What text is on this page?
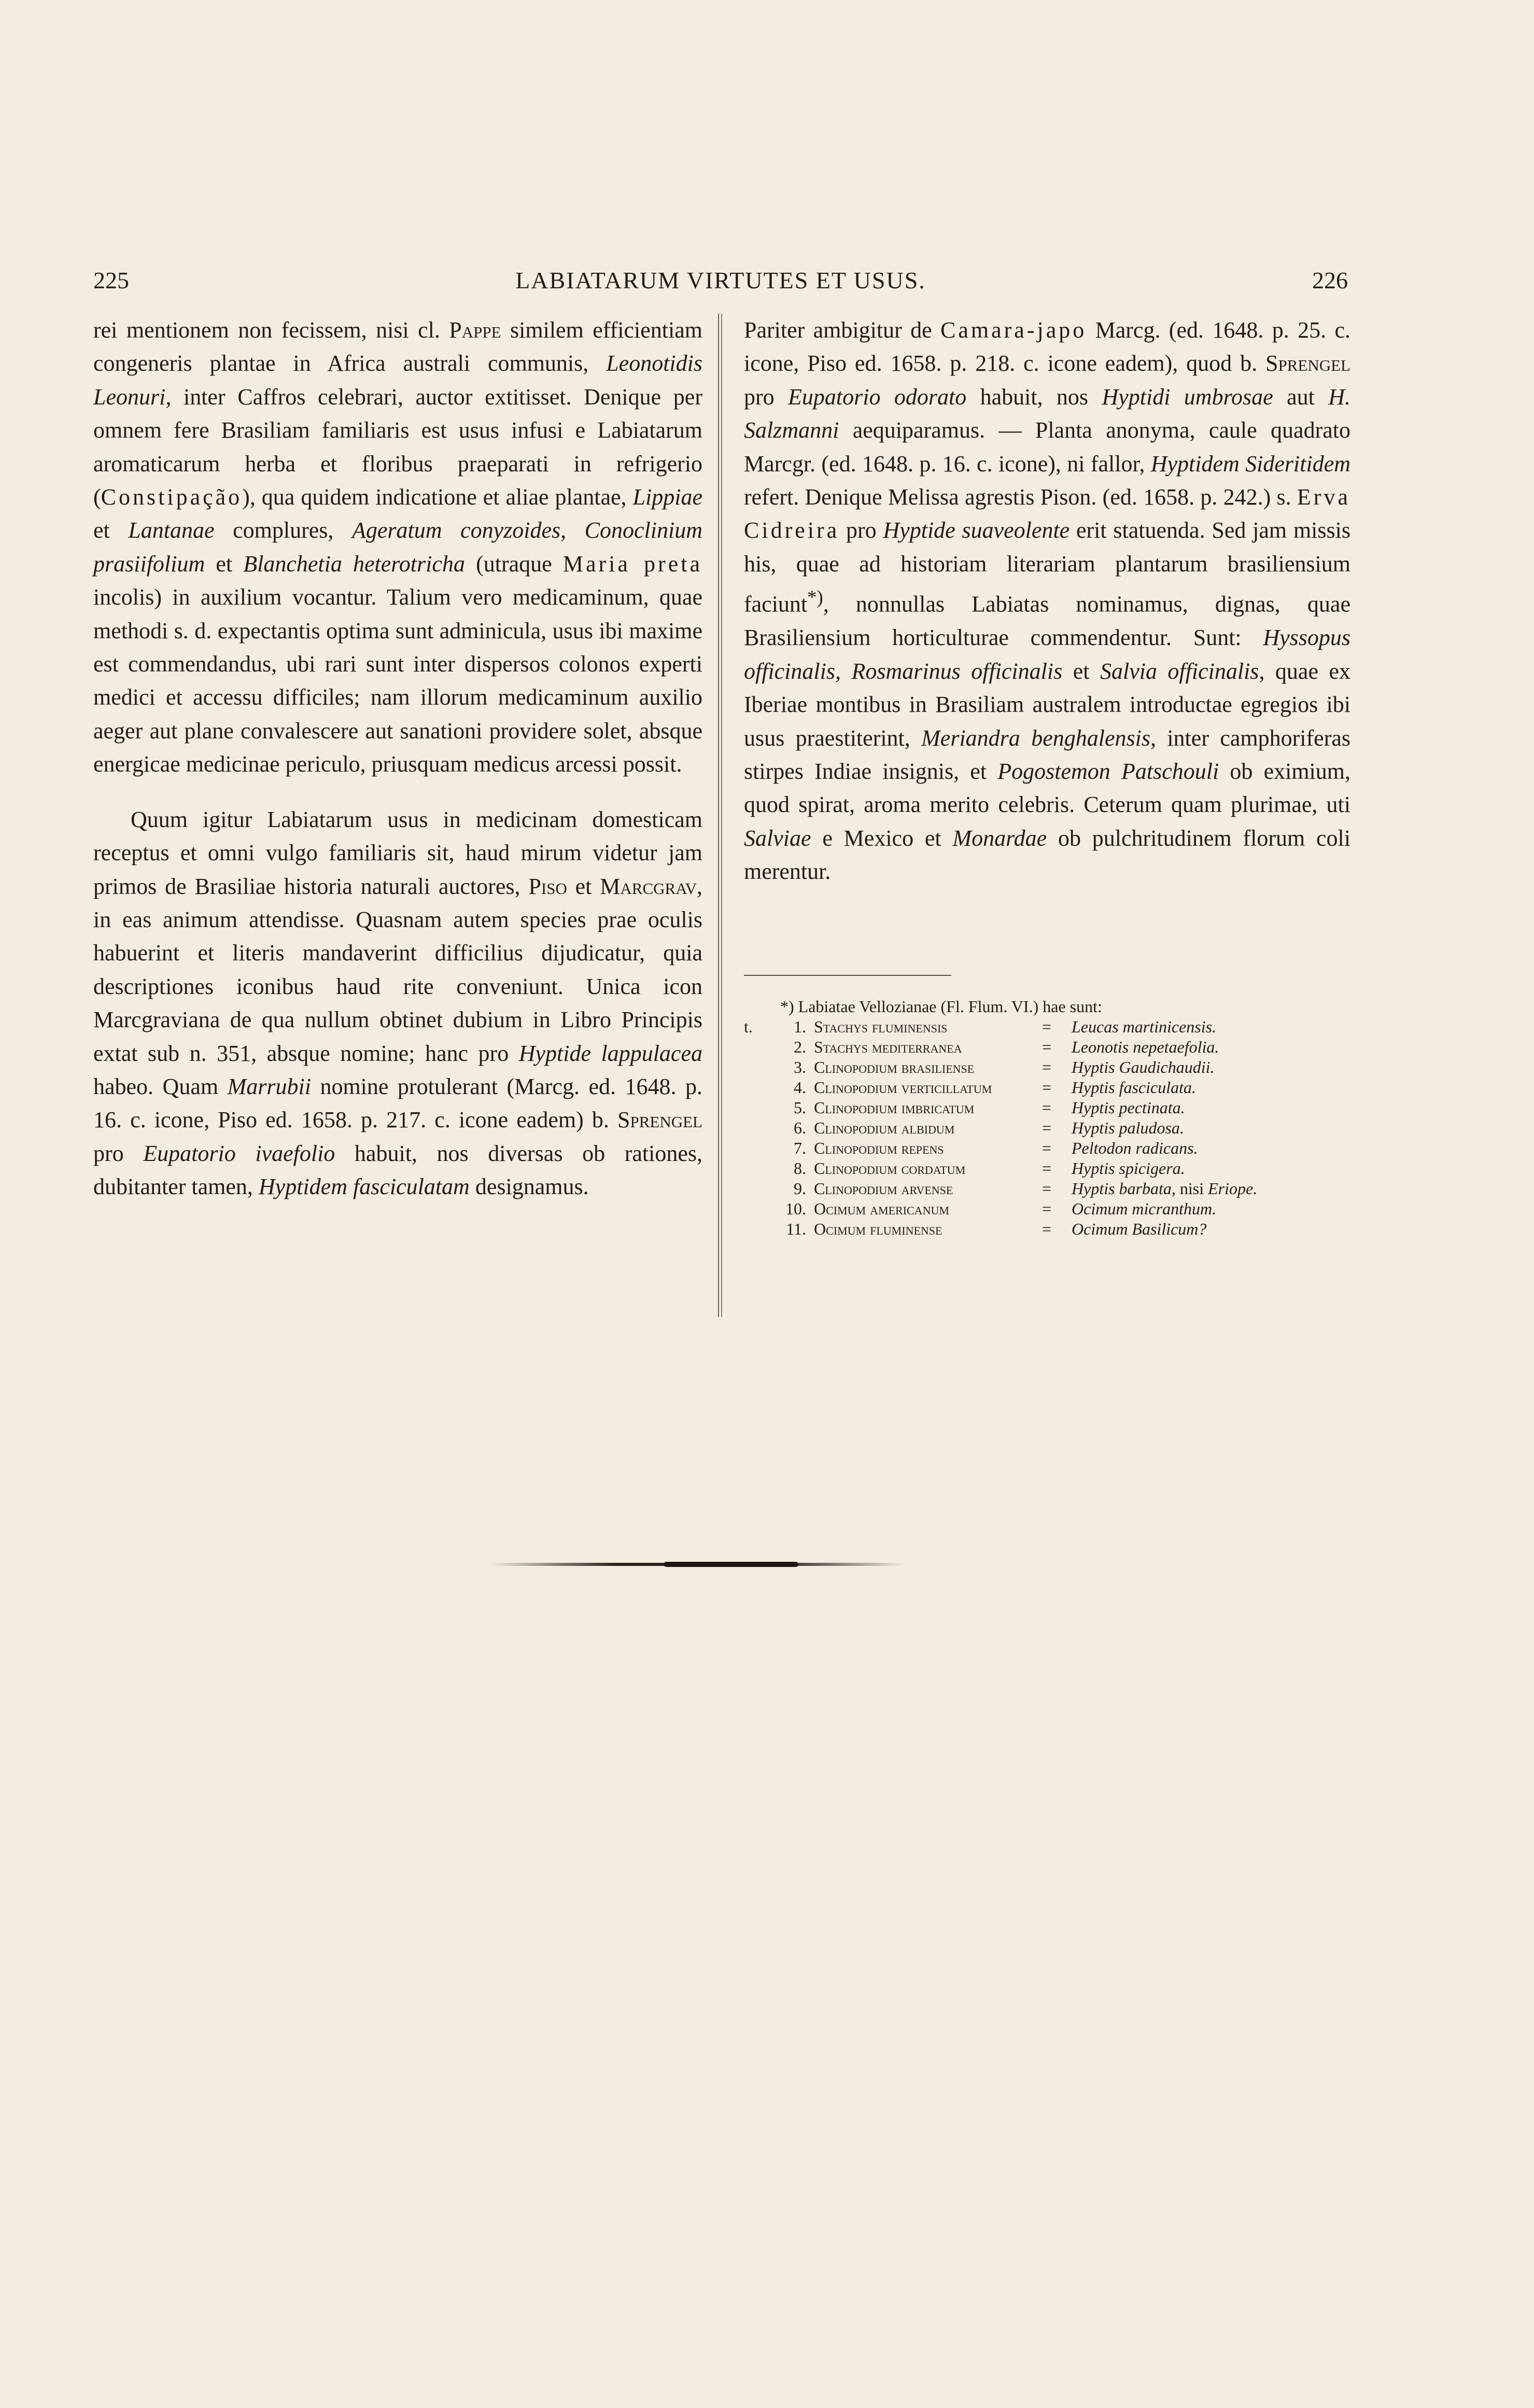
225	LABIATARUM VIRTUTES ET USUS.	226

rei mentionem non fecissem, nisi cl. Pappe similem efficientiam congeneris plantae in Africa australi communis, Leonotidis Leonuri, inter Caffros celebrari, auctor extitisset. Denique per omnem fere Brasiliam familiaris est usus infusi e Labiatarum aromaticarum herba et floribus praeparati in refrigerio (Constipação), qua quidem indicatione et aliae plantae, Lippiae et Lantanae complures, Ageratum conyzoides, Conoclinium prasiifolium et Blanchetia heterotricha (utraque Maria preta incolis) in auxilium vocantur. Talium vero medicaminum, quae methodi s. d. expectantis optima sunt adminicula, usus ibi maxime est commendandus, ubi rari sunt inter dispersos colonos experti medici et accessu difficiles; nam illorum medicaminum auxilio aeger aut plane convalescere aut sanationi providere solet, absque energicae medicinae periculo, priusquam medicus arcessi possit.

Quum igitur Labiatarum usus in medicinam domesticam receptus et omni vulgo familiaris sit, haud mirum videtur jam primos de Brasiliae historia naturali auctores, Piso et Marcgrav, in eas animum attendisse. Quasnam autem species prae oculis habuerint et literis mandaverint difficilius dijudicatur, quia descriptiones iconibus haud rite conveniunt. Unica icon Marcgraviana de qua nullum obtinet dubium in Libro Principis extat sub n. 351, absque nomine; hanc pro Hyptide lappulacea habeo. Quam Marrubii nomine protulerant (Marcg. ed. 1648. p. 16. c. icone, Piso ed. 1658. p. 217. c. icone eadem) b. Sprengel pro Eupatorio ivaefolio habuit, nos diversas ob rationes, dubitanter tamen, Hyptidem fasciculatam designamus.

Pariter ambigitur de Camara-japo Marcg. (ed. 1648. p. 25. c. icone, Piso ed. 1658. p. 218. c. icone eadem), quod b. Sprengel pro Eupatorio odorato habuit, nos Hyptidi umbrosae aut H. Salzmanni aequiparamus. — Planta anonyma, caule quadrato Marcgr. (ed. 1648. p. 16. c. icone), ni fallor, Hyptidem Sideritidem refert. Denique Melissa agrestis Pison. (ed. 1658. p. 242.) s. Erva Cidreira pro Hyptide suaveolente erit statuenda. Sed jam missis his, quae ad historiam literariam plantarum brasiliensium faciunt*), nonnullas Labiatas nominamus, dignas, quae Brasiliensium horticulturae commendentur. Sunt: Hyssopus officinalis, Rosmarinus officinalis et Salvia officinalis, quae ex Iberiae montibus in Brasiliam australem introductae egregios ibi usus praestiterint, Meriandra benghalensis, inter camphoriferas stirpes Indiae insignis, et Pogostemon Patschouli ob eximium, quod spirat, aroma merito celebris. Ceterum quam plurimae, uti Salviae e Mexico et Monardae ob pulchritudinem florum coli merentur.

*) Labiatae Vellozianae (Fl. Flum. VI.) hae sunt:
t.	1. Stachys fluminensis	= Leucas martinicensis.
2. Stachys mediterranea	= Leonotis nepetaefolia.
3. Clinopodium brasiliense	= Hyptis Gaudichaudii.
4. Clinopodium verticillatum	= Hyptis fasciculata.
5. Clinopodium imbricatum	= Hyptis pectinata.
6. Clinopodium albidum	= Hyptis paludosa.
7. Clinopodium repens	= Peltodon radicans.
8. Clinopodium cordatum	= Hyptis spicigera.
9. Clinopodium arvense	= Hyptis barbata, nisi Eriope.
10. Ocimum americanum	= Ocimum micranthum.
11. Ocimum fluminense	= Ocimum Basilicum?
